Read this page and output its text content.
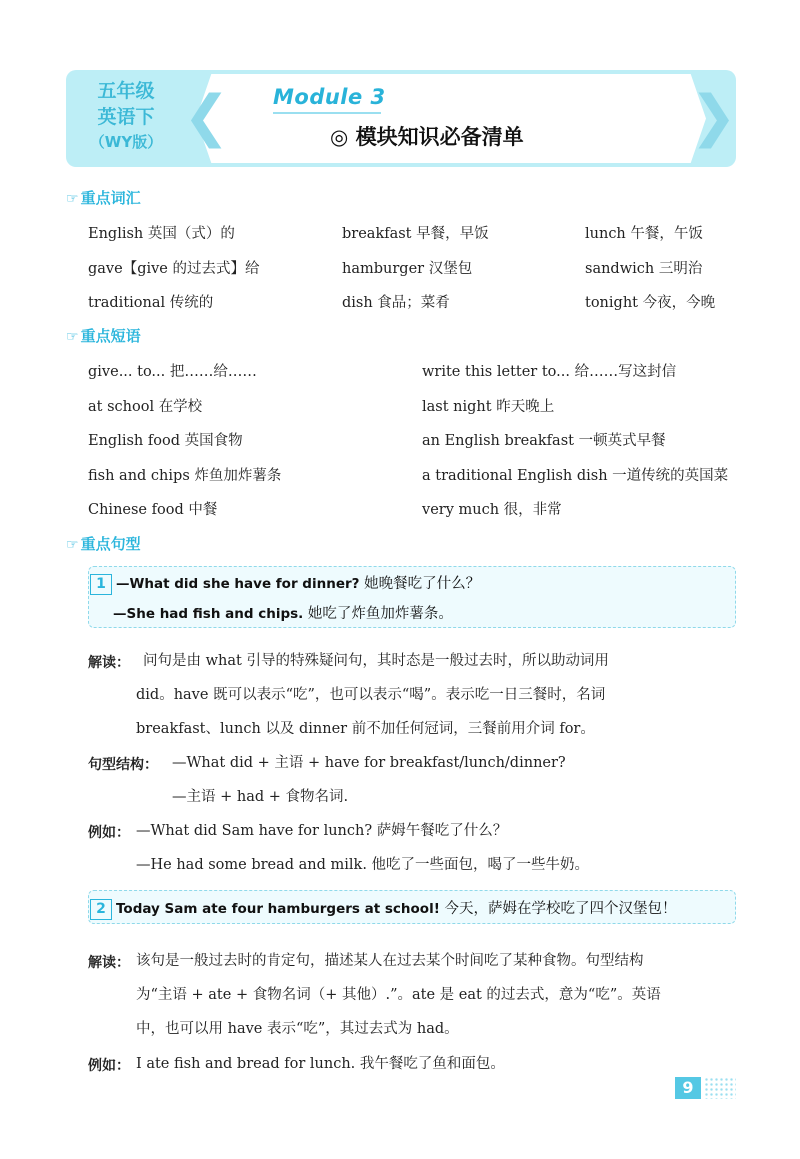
五年级
英语下
（WY版） ❮	❯
Module 3
◎ 模块知识必备清单
☞ 重点词汇
English 英国（式）的	breakfast 早餐，早饭	lunch 午餐，午饭
gave【give 的过去式】给	hamburger 汉堡包	sandwich 三明治
traditional 传统的	dish 食品；菜肴	tonight 今夜，今晚
☞ 重点短语
give... to... 把……给……	write this letter to... 给……写这封信
at school 在学校	last night 昨天晚上
English food 英国食物	an English breakfast 一顿英式早餐
fish and chips 炸鱼加炸薯条	a traditional English dish 一道传统的英国菜
Chinese food 中餐	very much 很，非常
☞ 重点句型
1 —What did she have for dinner? 她晚餐吃了什么？
—She had fish and chips. 她吃了炸鱼加炸薯条。
解读： 问句是由 what 引导的特殊疑问句，其时态是一般过去时，所以助动词用
did。have 既可以表示“吃”，也可以表示“喝”。表示吃一日三餐时，名词
breakfast、lunch 以及 dinner 前不加任何冠词，三餐前用介词 for。
句型结构： —What did + 主语 + have for breakfast/lunch/dinner?
—主语 + had + 食物名词.
例如： —What did Sam have for lunch? 萨姆午餐吃了什么？
—He had some bread and milk. 他吃了一些面包，喝了一些牛奶。
2 Today Sam ate four hamburgers at school! 今天，萨姆在学校吃了四个汉堡包！
解读： 该句是一般过去时的肯定句，描述某人在过去某个时间吃了某种食物。句型结构
为“主语 + ate + 食物名词（+ 其他）.”。ate 是 eat 的过去式，意为“吃”。英语
中，也可以用 have 表示“吃”，其过去式为 had。
例如： I ate fish and bread for lunch. 我午餐吃了鱼和面包。
9
